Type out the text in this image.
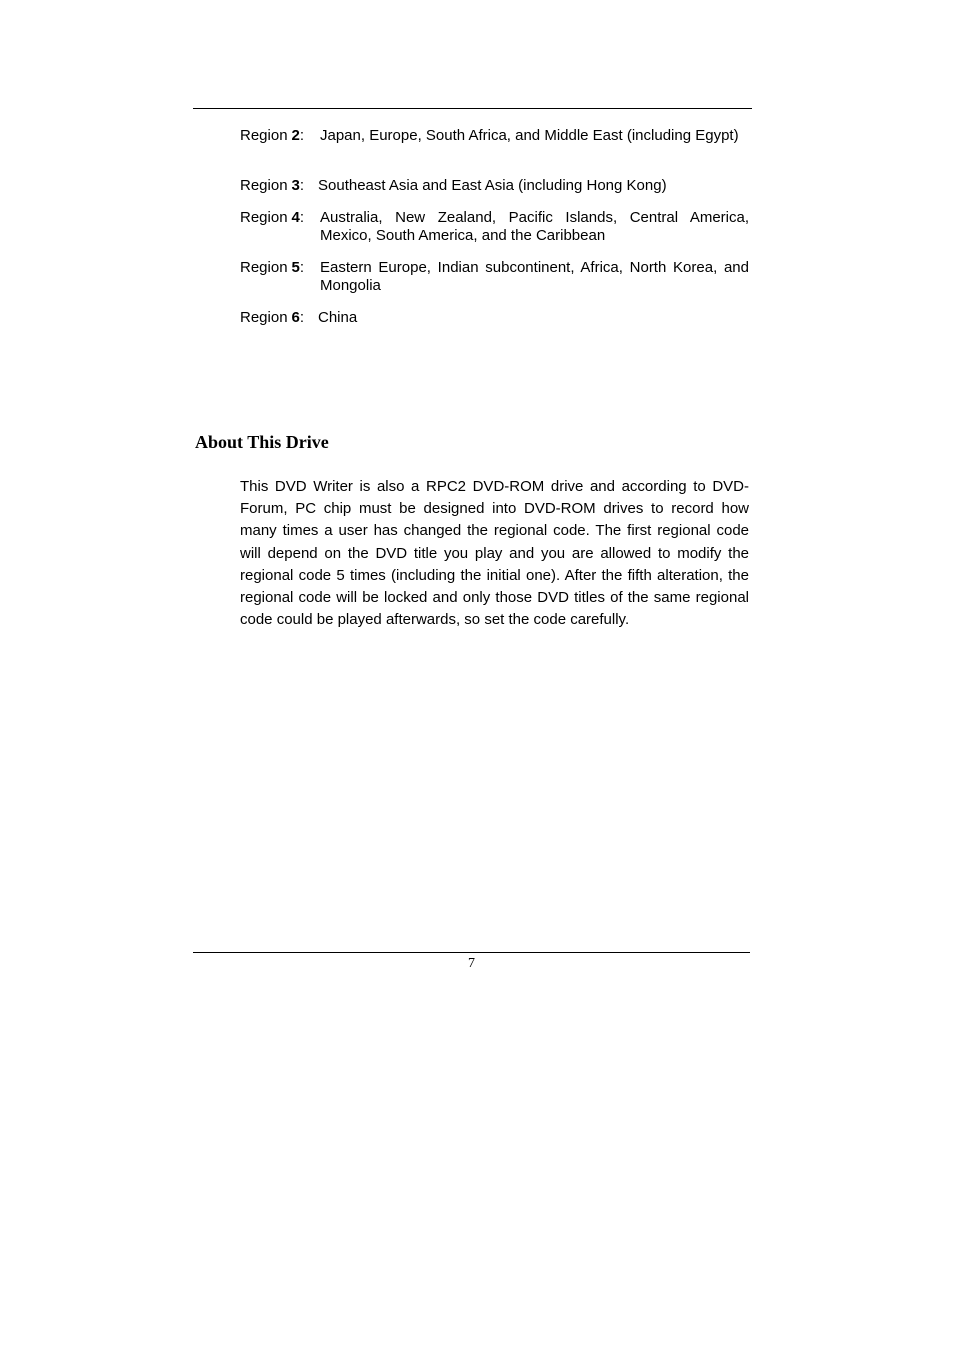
Region 2: Japan, Europe, South Africa, and Middle East (including Egypt)
Region 3: Southeast Asia and East Asia (including Hong Kong)
Region 4: Australia, New Zealand, Pacific Islands, Central America, Mexico, South America, and the Caribbean
Region 5: Eastern Europe, Indian subcontinent, Africa, North Korea, and Mongolia
Region 6: China
About This Drive

This DVD Writer is also a RPC2 DVD-ROM drive and according to DVD-Forum, PC chip must be designed into DVD-ROM drives to record how many times a user has changed the regional code. The first regional code will depend on the DVD title you play and you are allowed to modify the regional code 5 times (including the initial one). After the fifth alteration, the regional code will be locked and only those DVD titles of the same regional code could be played afterwards, so set the code carefully.

7
